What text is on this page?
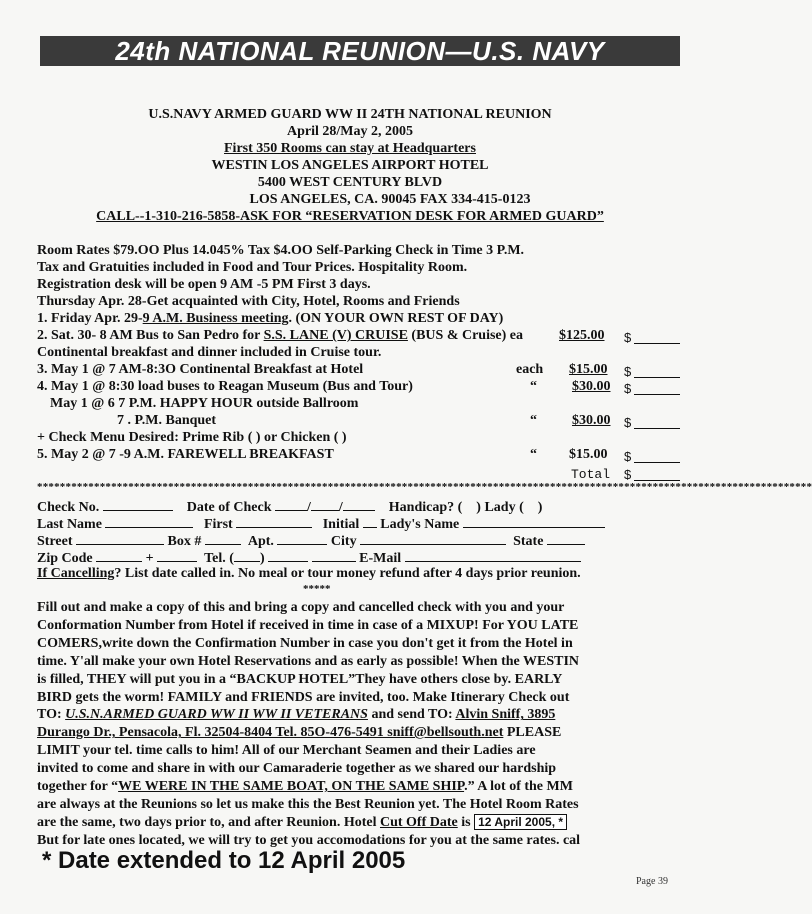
24th NATIONAL REUNION—U.S. NAVY
U.S.NAVY ARMED GUARD WW II 24TH NATIONAL REUNION
April 28/May 2, 2005
First 350 Rooms can stay at Headquarters
WESTIN LOS ANGELES AIRPORT HOTEL
5400 WEST CENTURY BLVD
LOS ANGELES, CA. 90045 FAX 334-415-0123
CALL--1-310-216-5858-ASK FOR “RESERVATION DESK FOR ARMED GUARD”
Room Rates $79.OO Plus 14.045% Tax $4.OO Self-Parking Check in Time 3 P.M.
Tax and Gratuities included in Food and Tour Prices. Hospitality Room.
Registration desk will be open 9 AM -5 PM First 3 days.
Thursday Apr. 28-Get acquainted with City, Hotel, Rooms and Friends
1. Friday Apr. 29-9 A.M. Business meeting. (ON YOUR OWN REST OF DAY)
2. Sat. 30- 8 AM Bus to San Pedro for S.S. LANE (V) CRUISE (BUS & Cruise) ea	$125.00 $
Continental breakfast and dinner included in Cruise tour.
3. May 1 @ 7 AM-8:3O Continental Breakfast at Hotel	each $15.00 $
4. May 1 @ 8:30 load buses to Reagan Museum (Bus and Tour)	“	$30.00 $
May 1 @ 6 7 P.M. HAPPY HOUR outside Ballroom
7 . P.M. Banquet	“	$30.00 $
+ Check Menu Desired: Prime Rib ( ) or Chicken ( )
5. May 2 @ 7 -9 A.M. FAREWELL BREAKFAST	“ $15.00 $
Total $
****************************************************************************************************************************************
Check No.	Date of Check	/ /	Handicap? ( ) Lady ( )
Last Name	First	Initial Lady's Name
Street	Box #	Apt.	City	State
Zip Code	+	Tel. ( )	E-Mail
If Cancelling? List date called in. No meal or tour money refund after 4 days prior reunion.
*****
Fill out and make a copy of this and bring a copy and cancelled check with you and your
Conformation Number from Hotel if received in time in case of a MIXUP! For YOU LATE
COMERS,write down the Confirmation Number in case you don't get it from the Hotel in
time. Y'all make your own Hotel Reservations and as early as possible! When the WESTIN
is filled, THEY will put you in a “BACKUP HOTEL”They have others close by. EARLY
BIRD gets the worm! FAMILY and FRIENDS are invited, too. Make Itinerary Check out
TO: U.S.N.ARMED GUARD WW II WW II VETERANS and send TO: Alvin Sniff, 3895
Durango Dr., Pensacola, Fl. 32504-8404 Tel. 85O-476-5491 sniff@bellsouth.net PLEASE
LIMIT your tel. time calls to him! All of our Merchant Seamen and their Ladies are
invited to come and share in with our Camaraderie together as we shared our hardship
together for “WE WERE IN THE SAME BOAT, ON THE SAME SHIP.” A lot of the MM
are always at the Reunions so let us make this the Best Reunion yet. The Hotel Room Rates
are the same, two days prior to, and after Reunion. Hotel Cut Off Date is 12 April 2005, *
But for late ones located, we will try to get you accomodations for you at the same rates. cal
* Date extended to 12 April 2005
Page 39
